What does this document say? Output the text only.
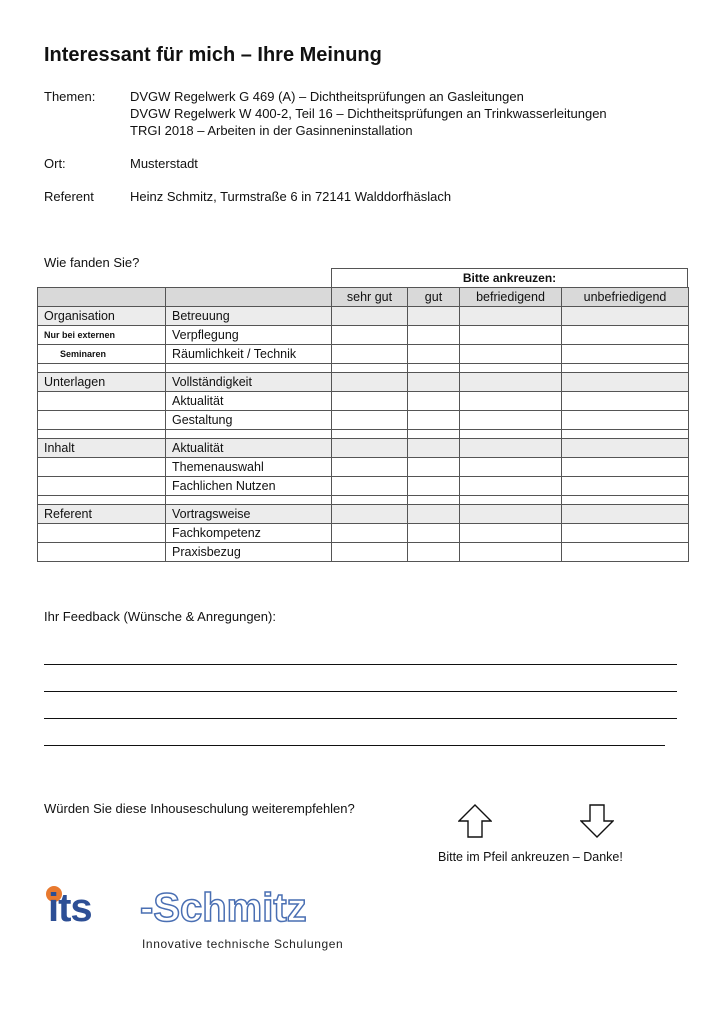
Interessant für mich – Ihre Meinung
Themen:	DVGW Regelwerk G 469 (A) – Dichtheitsprüfungen an Gasleitungen
DVGW Regelwerk W 400-2, Teil 16 – Dichtheitsprüfungen an Trinkwasserleitungen
TRGI 2018 – Arbeiten in der Gasinneninstallation
Ort:	Musterstadt
Referent	Heinz Schmitz, Turmstraße 6 in 72141 Walddorfhäslach
Wie fanden Sie?
Bitte ankreuzen:
		sehr gut	gut	befriedigend	unbefriedigend
Organisation	Betreuung				
Nur bei externen	Verpflegung				
Seminaren	Räumlichkeit / Technik				

Unterlagen	Vollständigkeit				
	Aktualität				
	Gestaltung				

Inhalt	Aktualität				
	Themenauswahl				
	Fachlichen Nutzen				

Referent	Vortragsweise				
	Fachkompetenz				
	Praxisbezug				
Ihr Feedback (Wünsche & Anregungen):
Würden Sie diese Inhouseschulung weiterempfehlen?
Bitte im Pfeil ankreuzen – Danke!
its -Schmitz
Innovative technische Schulungen
